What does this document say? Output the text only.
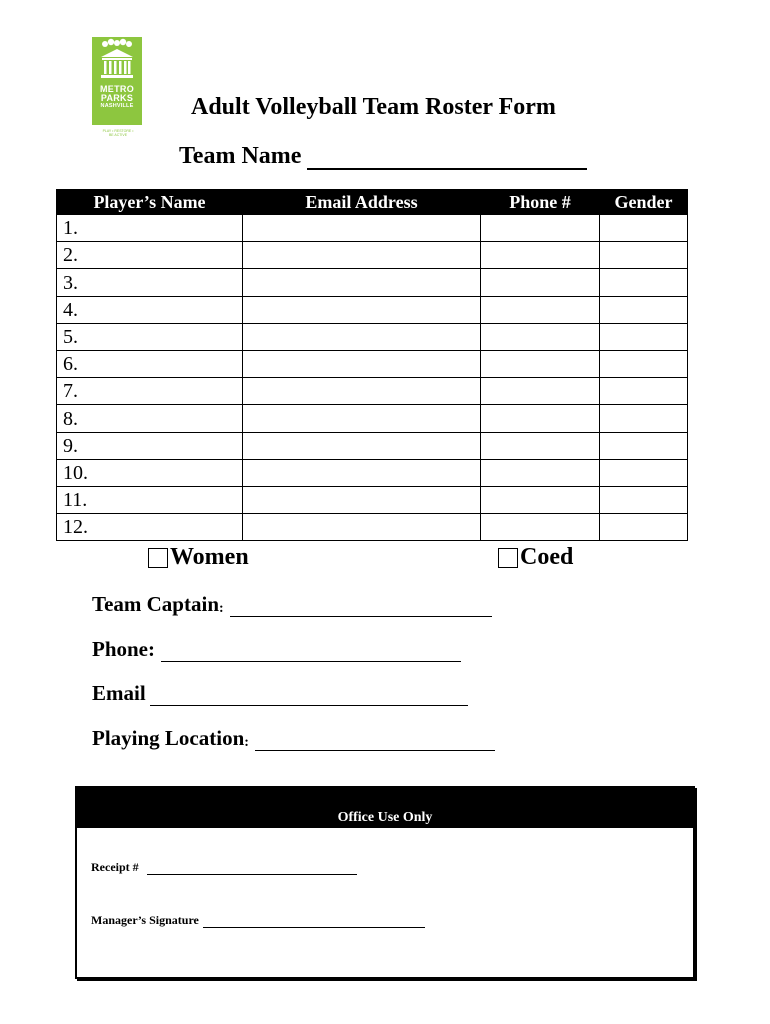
METRO
PARKS
NASHVILLE
PLAY • RESTORE • BE ACTIVE
Adult Volleyball Team Roster Form
Team Name
Player’s Name	Email Address	Phone #	Gender
1.			
2.			
3.			
4.			
5.			
6.			
7.			
8.			
9.			
10.			
11.			
12.			
Women	Coed
Team Captain :
Phone:
Email
Playing Location :
Office Use Only
Receipt #
Manager’s Signature
